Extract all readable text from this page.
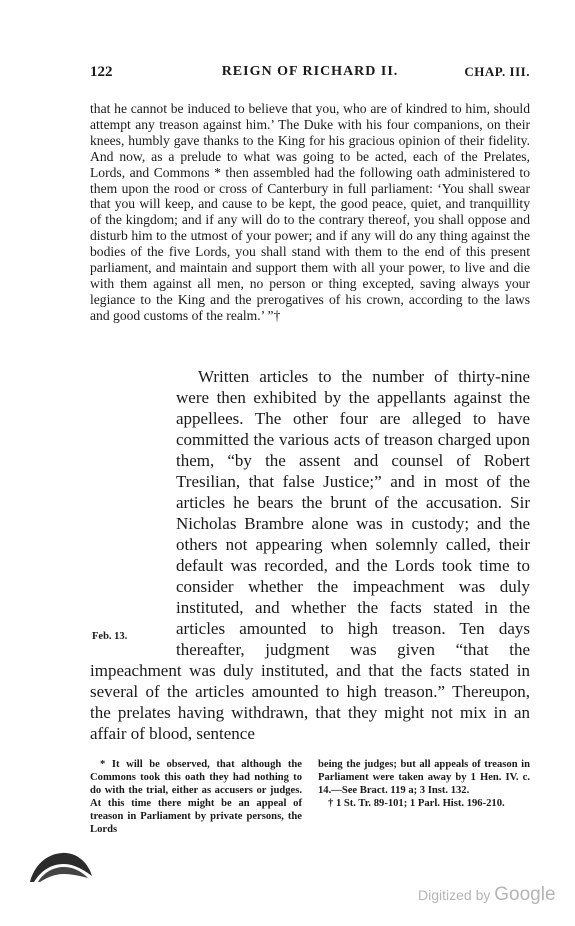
122	REIGN OF RICHARD II.	CHAP. III.

that he cannot be induced to believe that you, who are of kindred to him, should attempt any treason against him.’ The Duke with his four companions, on their knees, humbly gave thanks to the King for his gracious opinion of their fidelity. And now, as a prelude to what was going to be acted, each of the Prelates, Lords, and Commons * then assembled had the following oath administered to them upon the rood or cross of Canterbury in full parliament: ‘You shall swear that you will keep, and cause to be kept, the good peace, quiet, and tranquillity of the kingdom; and if any will do to the contrary thereof, you shall oppose and disturb him to the utmost of your power; and if any will do any thing against the bodies of the five Lords, you shall stand with them to the end of this present parliament, and maintain and support them with all your power, to live and die with them against all men, no person or thing excepted, saving always your legiance to the King and the prerogatives of his crown, according to the laws and good customs of the realm.’ ”†

Written articles to the number of thirty-nine were then exhibited by the appellants against the appellees. The other four are alleged to have committed the various acts of treason charged upon them, “by the assent and counsel of Robert Tresilian, that false Justice;” and in most of the articles he bears the brunt of the accusation. Sir Nicholas Brambre alone was in custody; and the others not appearing when solemnly called, their default was recorded, and the Lords took time to consider whether the impeachment was duly instituted, and whether the facts stated in the articles amounted to high treason. Ten days thereafter, judgment was given “that the impeachment was duly instituted, and that the facts stated in several of the articles amounted to high treason.” Thereupon, the prelates having withdrawn, that they might not mix in an affair of blood, sentence

Feb. 13.

* It will be observed, that although the Commons took this oath they had nothing to do with the trial, either as accusers or judges. At this time there might be an appeal of treason in Parliament by private persons, the Lords

being the judges; but all appeals of treason in Parliament were taken away by 1 Hen. IV. c. 14.—See Bract. 119 a; 3 Inst. 132.

† 1 St. Tr. 89-101; 1 Parl. Hist. 196-210.

Digitized by Google
